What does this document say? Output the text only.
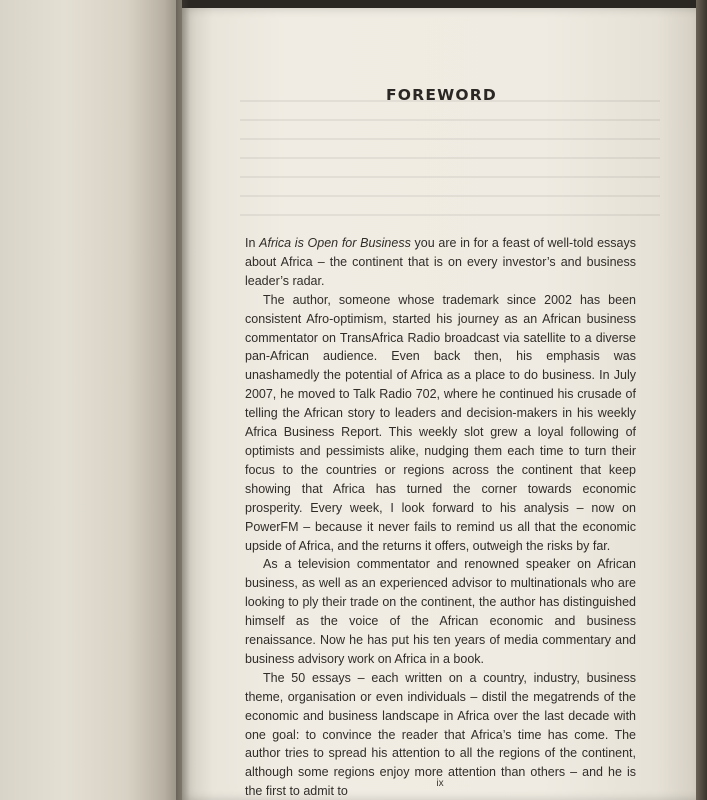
FOREWORD

In Africa is Open for Business you are in for a feast of well-told essays about Africa – the continent that is on every investor’s and business leader’s radar.

The author, someone whose trademark since 2002 has been consistent Afro-optimism, started his journey as an African business commentator on TransAfrica Radio broadcast via satellite to a diverse pan-African audience. Even back then, his emphasis was unashamedly the potential of Africa as a place to do business. In July 2007, he moved to Talk Radio 702, where he continued his crusade of telling the African story to leaders and decision-makers in his weekly Africa Business Report. This weekly slot grew a loyal following of optimists and pessimists alike, nudging them each time to turn their focus to the countries or regions across the continent that keep showing that Africa has turned the corner towards economic prosperity. Every week, I look forward to his analysis – now on PowerFM – because it never fails to remind us all that the economic upside of Africa, and the returns it offers, outweigh the risks by far.

As a television commentator and renowned speaker on African business, as well as an experienced advisor to multinationals who are looking to ply their trade on the continent, the author has distinguished himself as the voice of the African economic and business renaissance. Now he has put his ten years of media commentary and business advisory work on Africa in a book.

The 50 essays – each written on a country, industry, business theme, organisation or even individuals – distil the megatrends of the economic and business landscape in Africa over the last decade with one goal: to convince the reader that Africa’s time has come. The author tries to spread his attention to all the regions of the continent, although some regions enjoy more attention than others – and he is the first to admit to

ix
